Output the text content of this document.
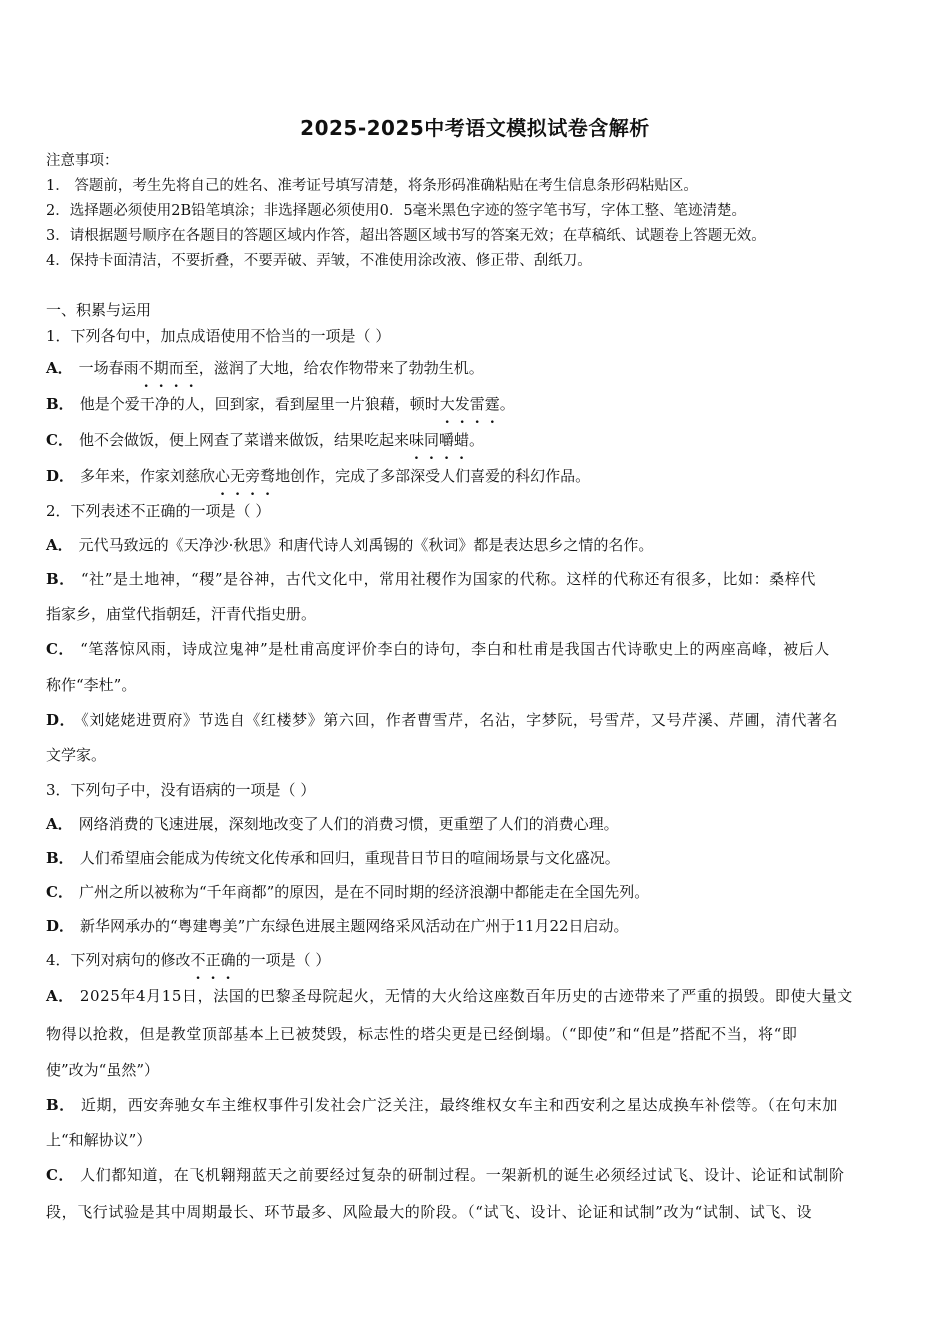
2025-2025中考语文模拟试卷含解析
注意事项：
1． 答题前，考生先将自己的姓名、准考证号填写清楚，将条形码准确粘贴在考生信息条形码粘贴区。
2．选择题必须使用2B铅笔填涂；非选择题必须使用0．5毫米黑色字迹的签字笔书写，字体工整、笔迹清楚。
3．请根据题号顺序在各题目的答题区域内作答，超出答题区域书写的答案无效；在草稿纸、试题卷上答题无效。
4．保持卡面清洁，不要折叠，不要弄破、弄皱，不准使用涂改液、修正带、刮纸刀。
一、积累与运用
1．下列各句中，加点成语使用不恰当的一项是（ ）
A． 一场春雨不期而至，滋润了大地，给农作物带来了勃勃生机。
B． 他是个爱干净的人，回到家，看到屋里一片狼藉，顿时大发雷霆。
C． 他不会做饭，便上网查了菜谱来做饭，结果吃起来味同嚼蜡。
D． 多年来，作家刘慈欣心无旁骛地创作，完成了多部深受人们喜爱的科幻作品。
2．下列表述不正确的一项是（ ）
A． 元代马致远的《天净沙·秋思》和唐代诗人刘禹锡的《秋词》都是表达思乡之情的名作。
B． “社”是土地神，“稷”是谷神，古代文化中，常用社稷作为国家的代称。这样的代称还有很多，比如：桑梓代
指家乡，庙堂代指朝廷，汗青代指史册。
C． “笔落惊风雨，诗成泣鬼神”是杜甫高度评价李白的诗句，李白和杜甫是我国古代诗歌史上的两座高峰，被后人
称作“李杜”。
D． 《刘姥姥进贾府》节选自《红楼梦》第六回，作者曹雪芹，名沾，字梦阮，号雪芹，又号芹溪、芹圃，清代著名
文学家。
3．下列句子中，没有语病的一项是（ ）
A． 网络消费的飞速进展，深刻地改变了人们的消费习惯，更重塑了人们的消费心理。
B． 人们希望庙会能成为传统文化传承和回归，重现昔日节日的喧闹场景与文化盛况。
C． 广州之所以被称为“千年商都”的原因，是在不同时期的经济浪潮中都能走在全国先列。
D． 新华网承办的“粤建粤美”广东绿色进展主题网络采风活动在广州于11月22日启动。
4．下列对病句的修改不正确的一项是（ ）
A． 2025年4月15日，法国的巴黎圣母院起火，无情的大火给这座数百年历史的古迹带来了严重的损毁。即使大量文
物得以抢救，但是教堂顶部基本上已被焚毁，标志性的塔尖更是已经倒塌。（“即使”和“但是”搭配不当，将“即
使”改为“虽然”）
B． 近期，西安奔驰女车主维权事件引发社会广泛关注，最终维权女车主和西安利之星达成换车补偿等。（在句末加
上“和解协议”）
C． 人们都知道，在飞机翱翔蓝天之前要经过复杂的研制过程。一架新机的诞生必须经过试飞、设计、论证和试制阶
段，飞行试验是其中周期最长、环节最多、风险最大的阶段。（“试飞、设计、论证和试制”改为“试制、试飞、设
